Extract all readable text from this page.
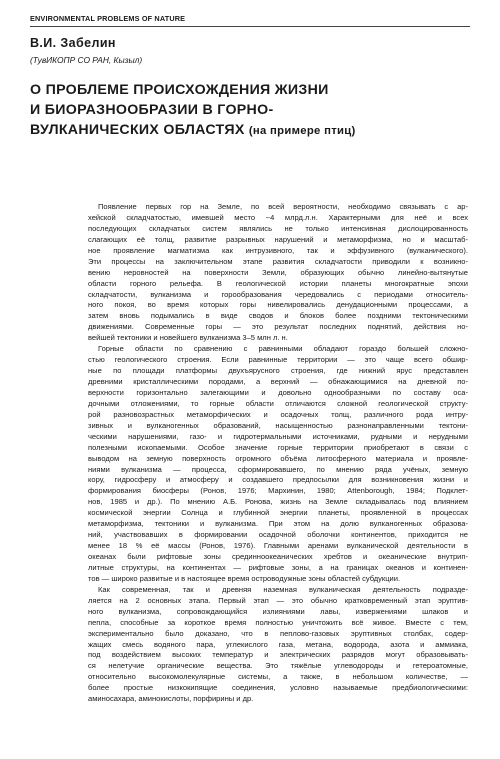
ENVIRONMENTAL PROBLEMS OF NATURE
В.И. Забелин
(ТувИКОПР СО РАН, Кызыл)
О ПРОБЛЕМЕ ПРОИСХОЖДЕНИЯ ЖИЗНИ
И БИОРАЗНООБРАЗИИ В ГОРНО-
ВУЛКАНИЧЕСКИХ ОБЛАСТЯХ (на примере птиц)
Появление первых гор на Земле, по всей вероятности, необходимо связывать с ар-
хейской складчатостью, имевшей место ~4 млрд.л.н. Характерными для неё и всех
последующих складчатых систем являлись не только интенсивная дислоцированность
слагающих её толщ, развитие разрывных нарушений и метаморфизма, но и масштаб-
ное проявление магматизма как интрузивного, так и эффузивного (вулканического).
Эти процессы на заключительном этапе развития складчатости приводили к возникно-
вению неровностей на поверхности Земли, образующих обычно линейно-вытянутые
области горного рельефа. В геологической истории планеты многократные эпохи
складчатости, вулканизма и горообразования чередовались с периодами относитель-
ного покоя, во время которых горы нивелировались денудационными процессами, а
затем вновь подымались в виде сводов и блоков более поздними тектоническими
движениями. Современные горы — это результат последних поднятий, действия но-
вейшей тектоники и новейшего вулканизма 3–5 млн л. н.
Горные области по сравнению с равнинными обладают гораздо большей сложно-
стью геологического строения. Если равнинные территории — это чаще всего обшир-
ные по площади платформы двухъярусного строения, где нижний ярус представлен
древними кристаллическими породами, а верхний — обнажающимися на дневной по-
верхности горизонтально залегающими и довольно однообразными по составу оса-
дочными отложениями, то горные области отличаются сложной геологической структу-
рой разновозрастных метаморфических и осадочных толщ, различного рода интру-
зивных и вулканогенных образований, насыщенностью разнонаправленными тектони-
ческими нарушениями, газо- и гидротермальными источниками, рудными и нерудными
полезными ископаемыми. Особое значение горные территории приобретают в связи с
выводом на земную поверхность огромного объёма литосферного материала и проявле-
ниями вулканизма — процесса, сформировавшего, по мнению ряда учёных, земную
кору, гидросферу и атмосферу и создавшего предпосылки для возникновения жизни и
формирования биосферы (Ронов, 1976; Мархинин, 1980; Attenborough, 1984; Подклет-
нов, 1985 и др.). По мнению А.Б. Ронова, жизнь на Земле складывалась под влиянием
космической энергии Солнца и глубинной энергии планеты, проявленной в процессах
метаморфизма, тектоники и вулканизма. При этом на долю вулканогенных образова-
ний, участвовавших в формировании осадочной оболочки континентов, приходится не
менее 18 % её массы (Ронов, 1976). Главными аренами вулканической деятельности в
океанах были рифтовые зоны срединноокеанических хребтов и океанические внутрип-
литные структуры, на континентах — рифтовые зоны, а на границах океанов и континен-
тов — широко развитые и в настоящее время островодужные зоны областей субдукции.
Как современная, так и древняя наземная вулканическая деятельность подразде-
ляется на 2 основных этапа. Первый этап — это обычно кратковременный этап эруптив-
ного вулканизма, сопровождающийся излияниями лавы, извержениями шлаков и
пепла, способные за короткое время полностью уничтожить всё живое. Вместе с тем,
экспериментально было доказано, что в пеплово-газовых эруптивных столбах, содер-
жащих смесь водяного пара, углекислого газа, метана, водорода, азота и аммиака,
под воздействием высоких температур и электрических разрядов могут образовывать-
ся нелетучие органические вещества. Это тяжёлые углеводороды и гетероатомные,
относительно высокомолекулярные системы, а также, в небольшом количестве, —
более простые низкокипящие соединения, условно называемые предбиологическими:
аминосахара, аминокислоты, порфирины и др.
